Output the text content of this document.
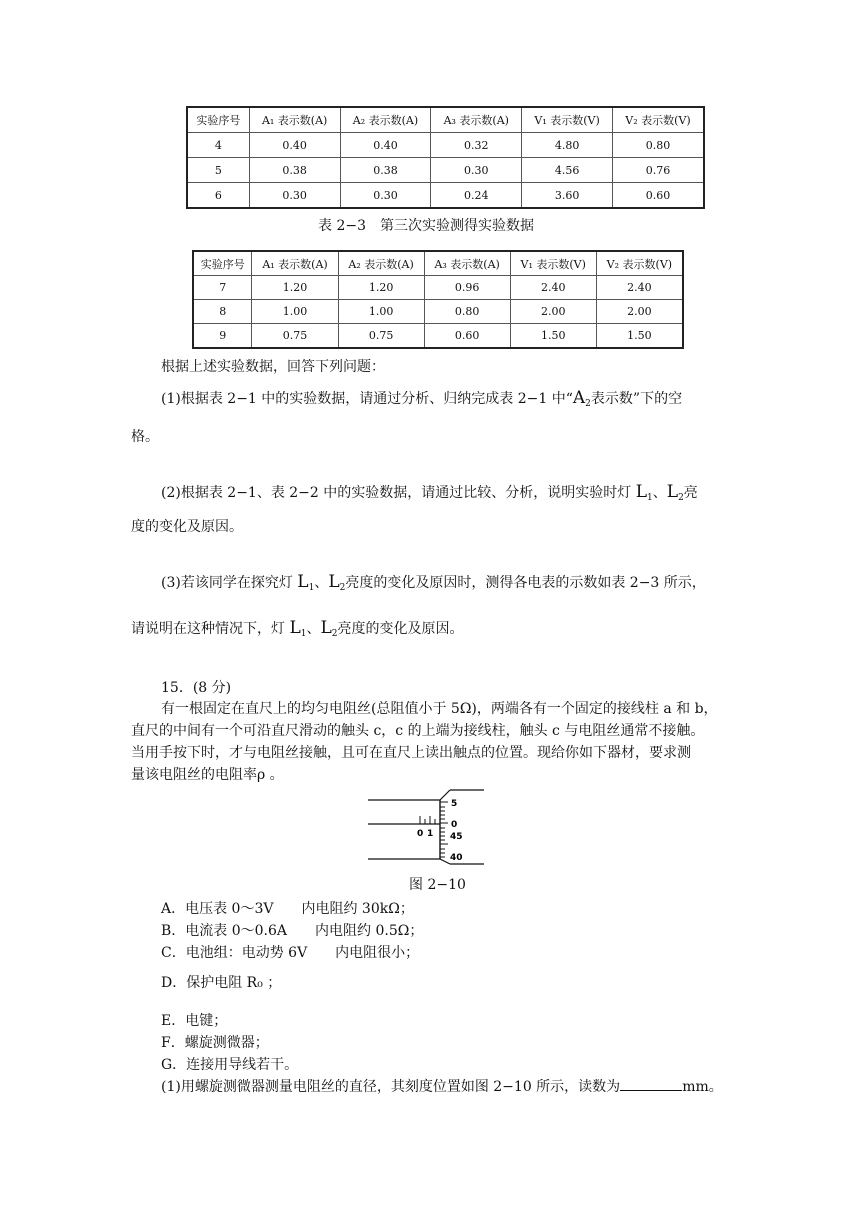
实验序号	A₁ 表示数(A)	A₂ 表示数(A)	A₃ 表示数(A)	V₁ 表示数(V)	V₂ 表示数(V)
4	0.40	0.40	0.32	4.80	0.80
5	0.38	0.38	0.30	4.56	0.76
6	0.30	0.30	0.24	3.60	0.60
表 2−3　第三次实验测得实验数据
实验序号	A₁ 表示数(A)	A₂ 表示数(A)	A₃ 表示数(A)	V₁ 表示数(V)	V₂ 表示数(V)
7	1.20	1.20	0.96	2.40	2.40
8	1.00	1.00	0.80	2.00	2.00
9	0.75	0.75	0.60	1.50	1.50
根据上述实验数据，回答下列问题：
(1)根据表 2−1 中的实验数据，请通过分析、归纳完成表 2−1 中“$A_2$表示数”下的空
格。
(2)根据表 2−1、表 2−2 中的实验数据，请通过比较、分析，说明实验时灯 $L_1$、$L_2$亮
度的变化及原因。
(3)若该同学在探究灯 $L_1$、$L_2$亮度的变化及原因时，测得各电表的示数如表 2−3 所示，
请说明在这种情况下，灯 $L_1$、$L_2$亮度的变化及原因。
15．(8 分)
有一根固定在直尺上的均匀电阻丝(总阻值小于 5Ω)，两端各有一个固定的接线柱 a 和 b，
直尺的中间有一个可沿直尺滑动的触头 c，c 的上端为接线柱，触头 c 与电阻丝通常不接触。
当用手按下时，才与电阻丝接触，且可在直尺上读出触点的位置。现给你如下器材，要求测
量该电阻丝的电阻率ρ 。
5
0
45
40
0 1
图 2−10
A．电压表 0～3V　　内电阻约 30kΩ；
B．电流表 0～0.6A　　内电阻约 0.5Ω；
C．电池组：电动势 6V　　内电阻很小；
D．保护电阻 R₀ ；
E．电键；
F．螺旋测微器；
G．连接用导线若干。
(1)用螺旋测微器测量电阻丝的直径，其刻度位置如图 2−10 所示，读数为	mm。
